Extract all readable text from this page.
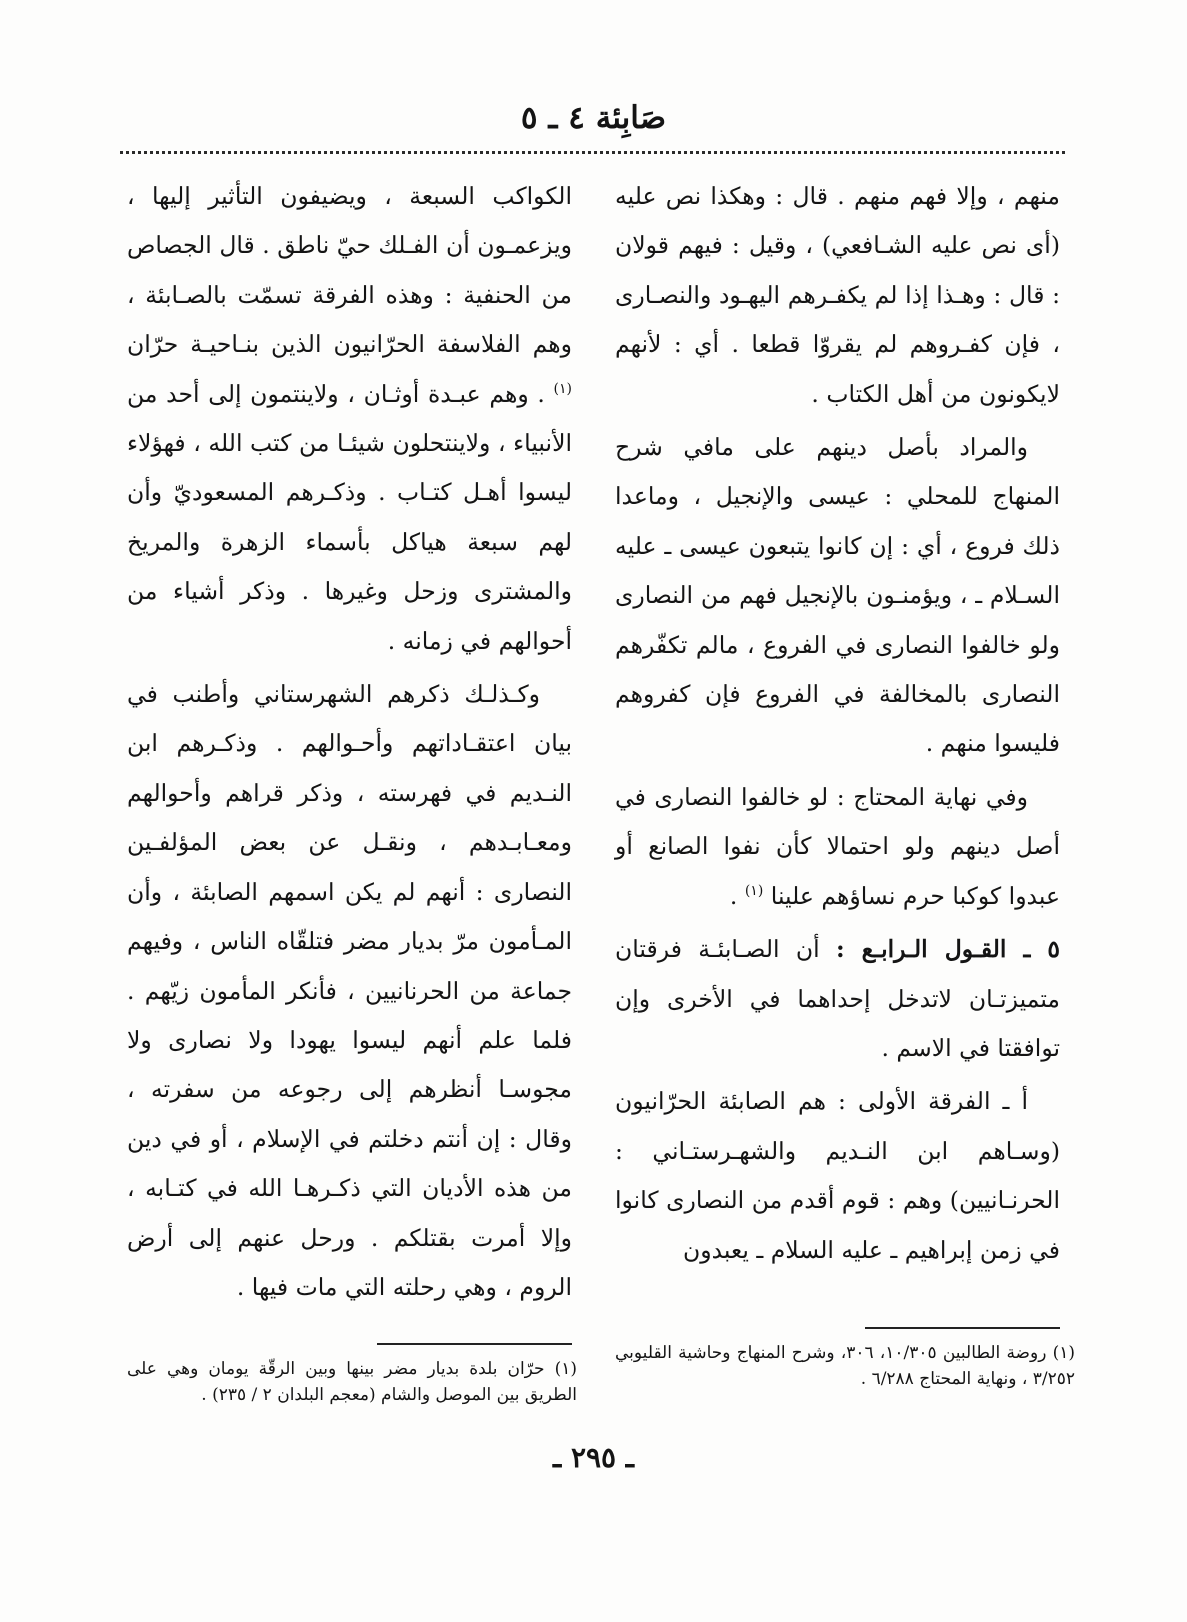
صَابِئة ٤ ـ ٥

منهم ، وإلا فهم منهم . قال : وهكذا نص عليه (أى نص عليه الشـافعي) ، وقيل : فيهم قولان : قال : وهـذا إذا لم يكفـرهم اليهـود والنصـارى ، فإن كفـروهم لم يقروّا قطعا . أي : لأنهم لايكونون من أهل الكتاب .

والمراد بأصل دينهم على مافي شرح المنهاج للمحلي : عيسى والإنجيل ، وماعدا ذلك فروع ، أي : إن كانوا يتبعون عيسى ـ عليه السـلام ـ ، ويؤمنـون بالإنجيل فهم من النصارى ولو خالفوا النصارى في الفروع ، مالم تكفّرهم النصارى بالمخالفة في الفروع فإن كفروهم فليسوا منهم .

وفي نهاية المحتاج : لو خالفوا النصارى في أصل دينهم ولو احتمالا كأن نفوا الصانع أو عبدوا كوكبا حرم نساؤهم علينا $^{(١)}$ .

٥ ـ القـول الـرابـع : أن الصـابئـة فرقتان متميزتـان لاتدخل إحداهما في الأخرى وإن توافقتا في الاسم .

أ ـ الفرقة الأولى : هم الصابئة الحرّانيون (وسـاهم ابن النـديم والشهـرستـاني : الحرنـانيين) وهم : قوم أقدم من النصارى كانوا في زمن إبراهيم ـ عليه السلام ـ يعبدون

الكواكب السبعة ، ويضيفون التأثير إليها ، ويزعمـون أن الفـلك حيّ ناطق . قال الجصاص من الحنفية : وهذه الفرقة تسمّت بالصـابئة ، وهم الفلاسفة الحرّانيون الذين بنـاحيـة حرّان $^{(١)}$ . وهم عبـدة أوثـان ، ولاينتمون إلى أحد من الأنبياء ، ولاينتحلون شيئـا من كتب الله ، فهؤلاء ليسوا أهـل كتـاب . وذكـرهم المسعوديّ وأن لهم سبعة هياكل بأسماء الزهرة والمريخ والمشترى وزحل وغيرها . وذكر أشياء من أحوالهم في زمانه .

وكـذلـك ذكرهم الشهرستاني وأطنب في بيان اعتقـاداتهم وأحـوالهم . وذكـرهم ابن النـديم في فهرسته ، وذكر قراهم وأحوالهم ومعـابـدهم ، ونقـل عن بعض المؤلفـين النصارى : أنهم لم يكن اسمهم الصابئة ، وأن المـأمون مرّ بديار مضر فتلقّاه الناس ، وفيهم جماعة من الحرنانيين ، فأنكر المأمون زيّهم . فلما علم أنهم ليسوا يهودا ولا نصارى ولا مجوسـا أنظرهم إلى رجوعه من سفرته ، وقال : إن أنتم دخلتم في الإسلام ، أو في دين من هذه الأديان التي ذكـرهـا الله في كتـابه ، وإلا أمرت بقتلكم . ورحل عنهم إلى أرض الروم ، وهي رحلته التي مات فيها .

(١) روضة الطالبين ١٠/٣٠٥، ٣٠٦، وشرح المنهاج وحاشية القليوبي ٣/٢٥٢ ، ونهاية المحتاج ٦/٢٨٨ .
(١) حرّان بلدة بديار مضر بينها وبين الرقّة يومان وهي على الطريق بين الموصل والشام (معجم البلدان ٢ / ٢٣٥) .
ـ ٢٩٥ ـ
